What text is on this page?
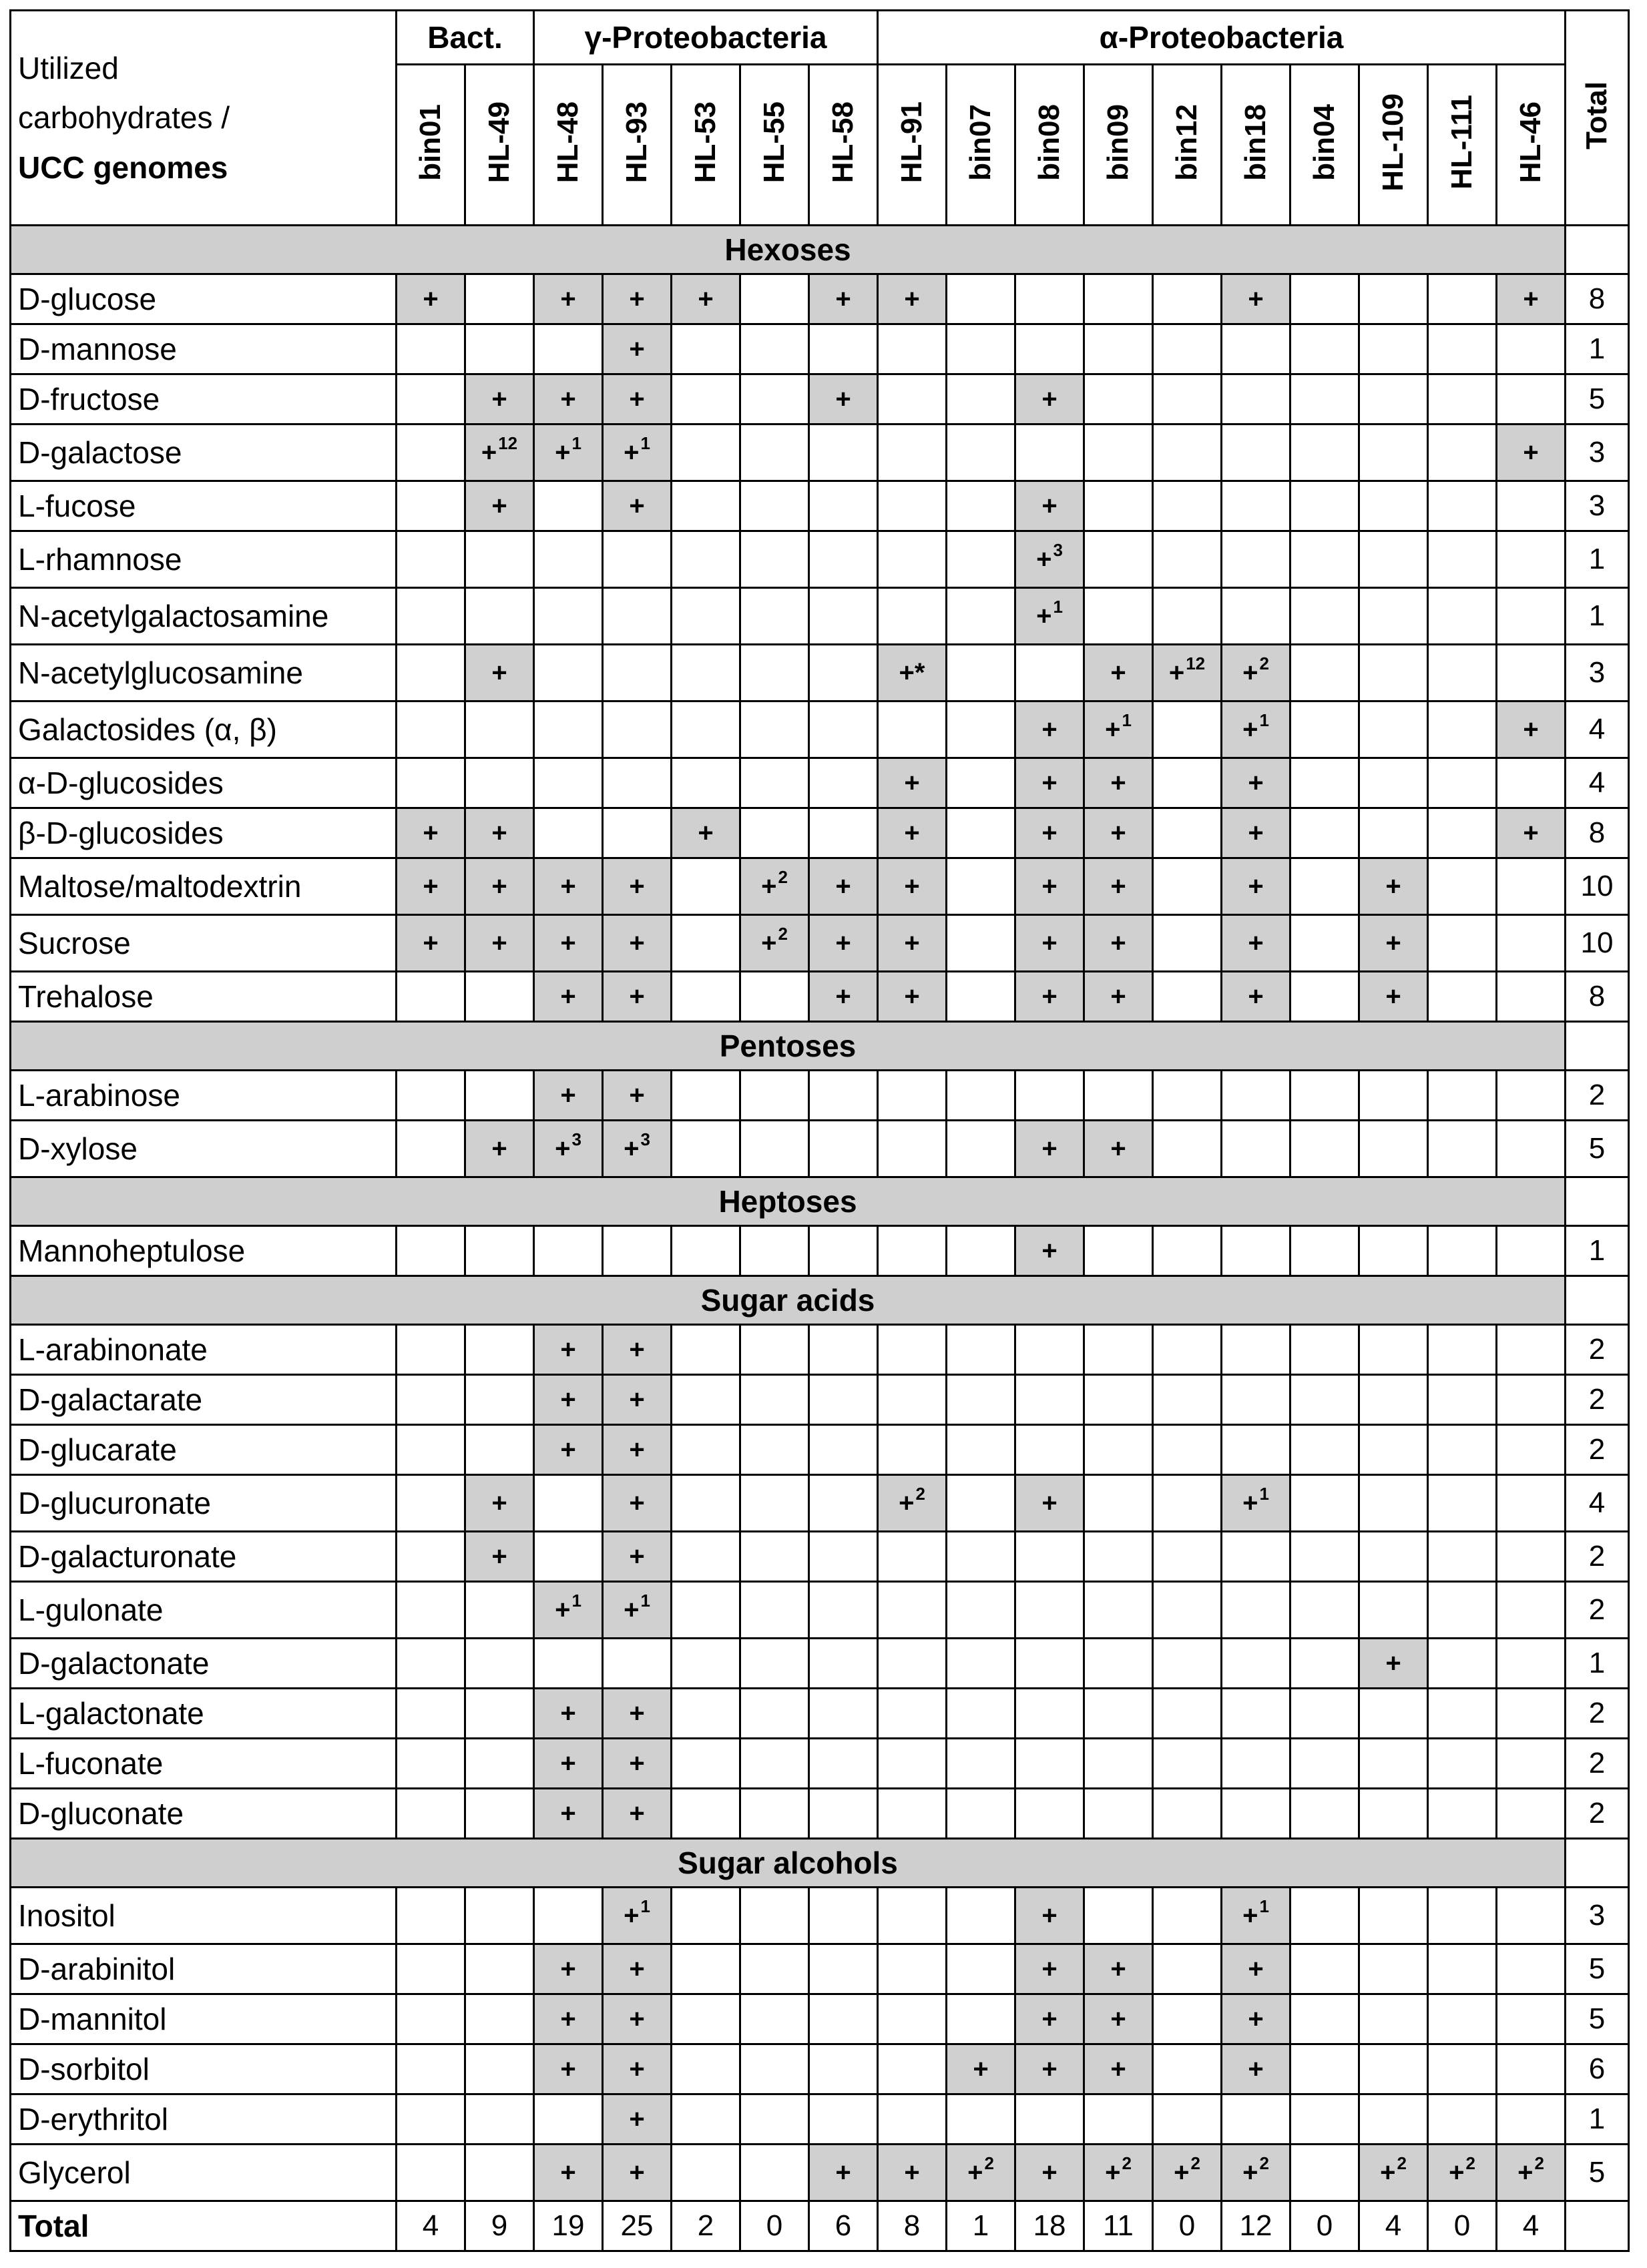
Utilized
carbohydrates /
UCC genomes	Bact.		γ-Proteobacteria					α-Proteobacteria										Total
	bin01	HL-49	HL-48	HL-93	HL-53	HL-55	HL-58	HL-91	bin07	bin08	bin09	bin12	bin18	bin04	HL-109	HL-111	HL-46	
Hexoses																		
D-glucose	+		+	+	+		+	+					+				+	8
D-mannose				+														1
D-fructose		+	+	+			+			+								5
D-galactose		+$^{12}$	+$^1$	+$^1$													+	3
L-fucose		+		+						+								3
L-rhamnose										+$^3$								1
N-acetylgalactosamine										+$^1$								1
N-acetylglucosamine		+						+*			+	+$^{12}$	+$^2$					3
Galactosides (α, β)										+	+$^1$		+$^1$				+	4
α-D-glucosides								+		+	+		+					4
β-D-glucosides	+	+			+			+		+	+		+				+	8
Maltose/maltodextrin	+	+	+	+		+$^2$	+	+		+	+		+		+			10
Sucrose	+	+	+	+		+$^2$	+	+		+	+		+		+			10
Trehalose			+	+			+	+		+	+		+		+			8
Pentoses																		
L-arabinose			+	+														2
D-xylose		+	+$^3$	+$^3$						+	+							5
Heptoses																		
Mannoheptulose										+								1
Sugar acids																		
L-arabinonate			+	+														2
D-galactarate			+	+														2
D-glucarate			+	+														2
D-glucuronate		+		+				+$^2$		+			+$^1$					4
D-galacturonate		+		+														2
L-gulonate			+$^1$	+$^1$														2
D-galactonate															+			1
L-galactonate			+	+														2
L-fuconate			+	+														2
D-gluconate			+	+														2
Sugar alcohols																		
Inositol				+$^1$						+			+$^1$					3
D-arabinitol			+	+						+	+		+					5
D-mannitol			+	+						+	+		+					5
D-sorbitol			+	+					+	+	+		+					6
D-erythritol				+														1
Glycerol			+	+			+	+	+$^2$	+	+$^2$	+$^2$	+$^2$		+$^2$	+$^2$	+$^2$	5
Total	4	9	19	25	2	0	6	8	1	18	11	0	12	0	4	0	4	
